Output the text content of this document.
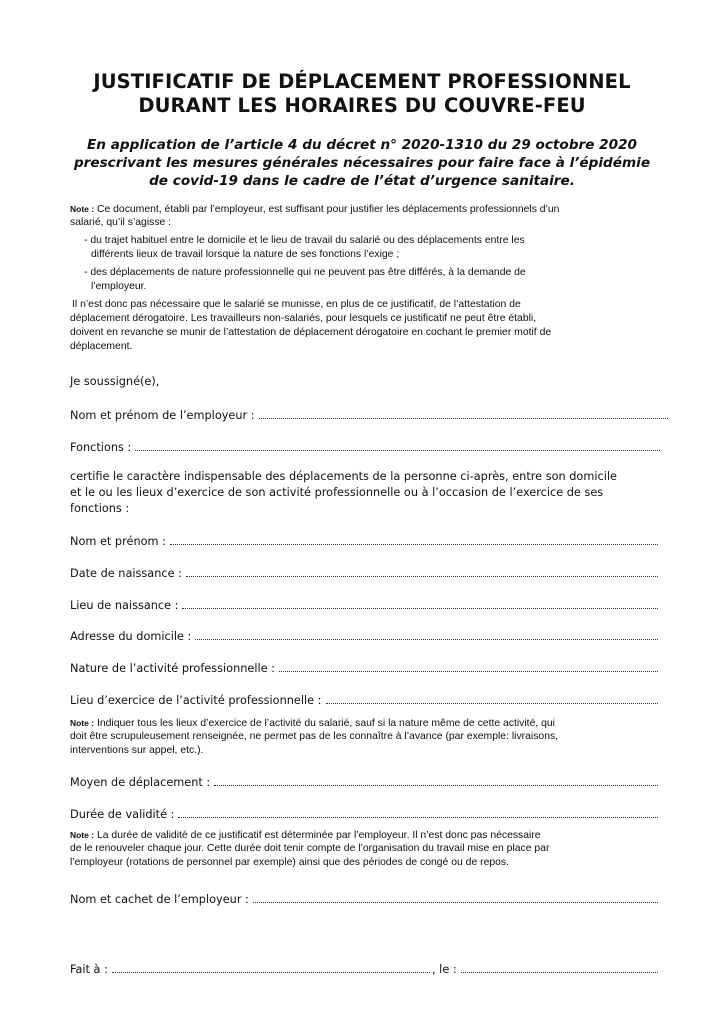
JUSTIFICATIF DE DÉPLACEMENT PROFESSIONNEL
DURANT LES HORAIRES DU COUVRE-FEU
En application de l’article 4 du décret n° 2020-1310 du 29 octobre 2020
prescrivant les mesures générales nécessaires pour faire face à l’épidémie
de covid-19 dans le cadre de l’état d’urgence sanitaire.
Note : Ce document, établi par l’employeur, est suffisant pour justifier les déplacements professionnels d’un
salarié, qu’il s’agisse :
- du trajet habituel entre le domicile et le lieu de travail du salarié ou des déplacements entre les
différents lieux de travail lorsque la nature de ses fonctions l’exige ;
- des déplacements de nature professionnelle qui ne peuvent pas être différés, à la demande de
l’employeur.
Il n’est donc pas nécessaire que le salarié se munisse, en plus de ce justificatif, de l’attestation de
déplacement dérogatoire. Les travailleurs non-salariés, pour lesquels ce justificatif ne peut être établi,
doivent en revanche se munir de l’attestation de déplacement dérogatoire en cochant le premier motif de
déplacement.
Je soussigné(e),
Nom et prénom de l’employeur :
Fonctions :
certifie le caractère indispensable des déplacements de la personne ci-après, entre son domicile
et le ou les lieux d’exercice de son activité professionnelle ou à l’occasion de l’exercice de ses
fonctions :
Nom et prénom :
Date de naissance :
Lieu de naissance :
Adresse du domicile :
Nature de l’activité professionnelle :
Lieu d’exercice de l’activité professionnelle :
Note : Indiquer tous les lieux d’exercice de l’activité du salarié, sauf si la nature même de cette activité, qui
doit être scrupuleusement renseignée, ne permet pas de les connaître à l’avance (par exemple: livraisons,
interventions sur appel, etc.).
Moyen de déplacement :
Durée de validité :
Note : La durée de validité de ce justificatif est déterminée par l’employeur. Il n’est donc pas nécessaire
de le renouveler chaque jour. Cette durée doit tenir compte de l’organisation du travail mise en place par
l’employeur (rotations de personnel par exemple) ainsi que des périodes de congé ou de repos.
Nom et cachet de l’employeur :
Fait à :	, le :
